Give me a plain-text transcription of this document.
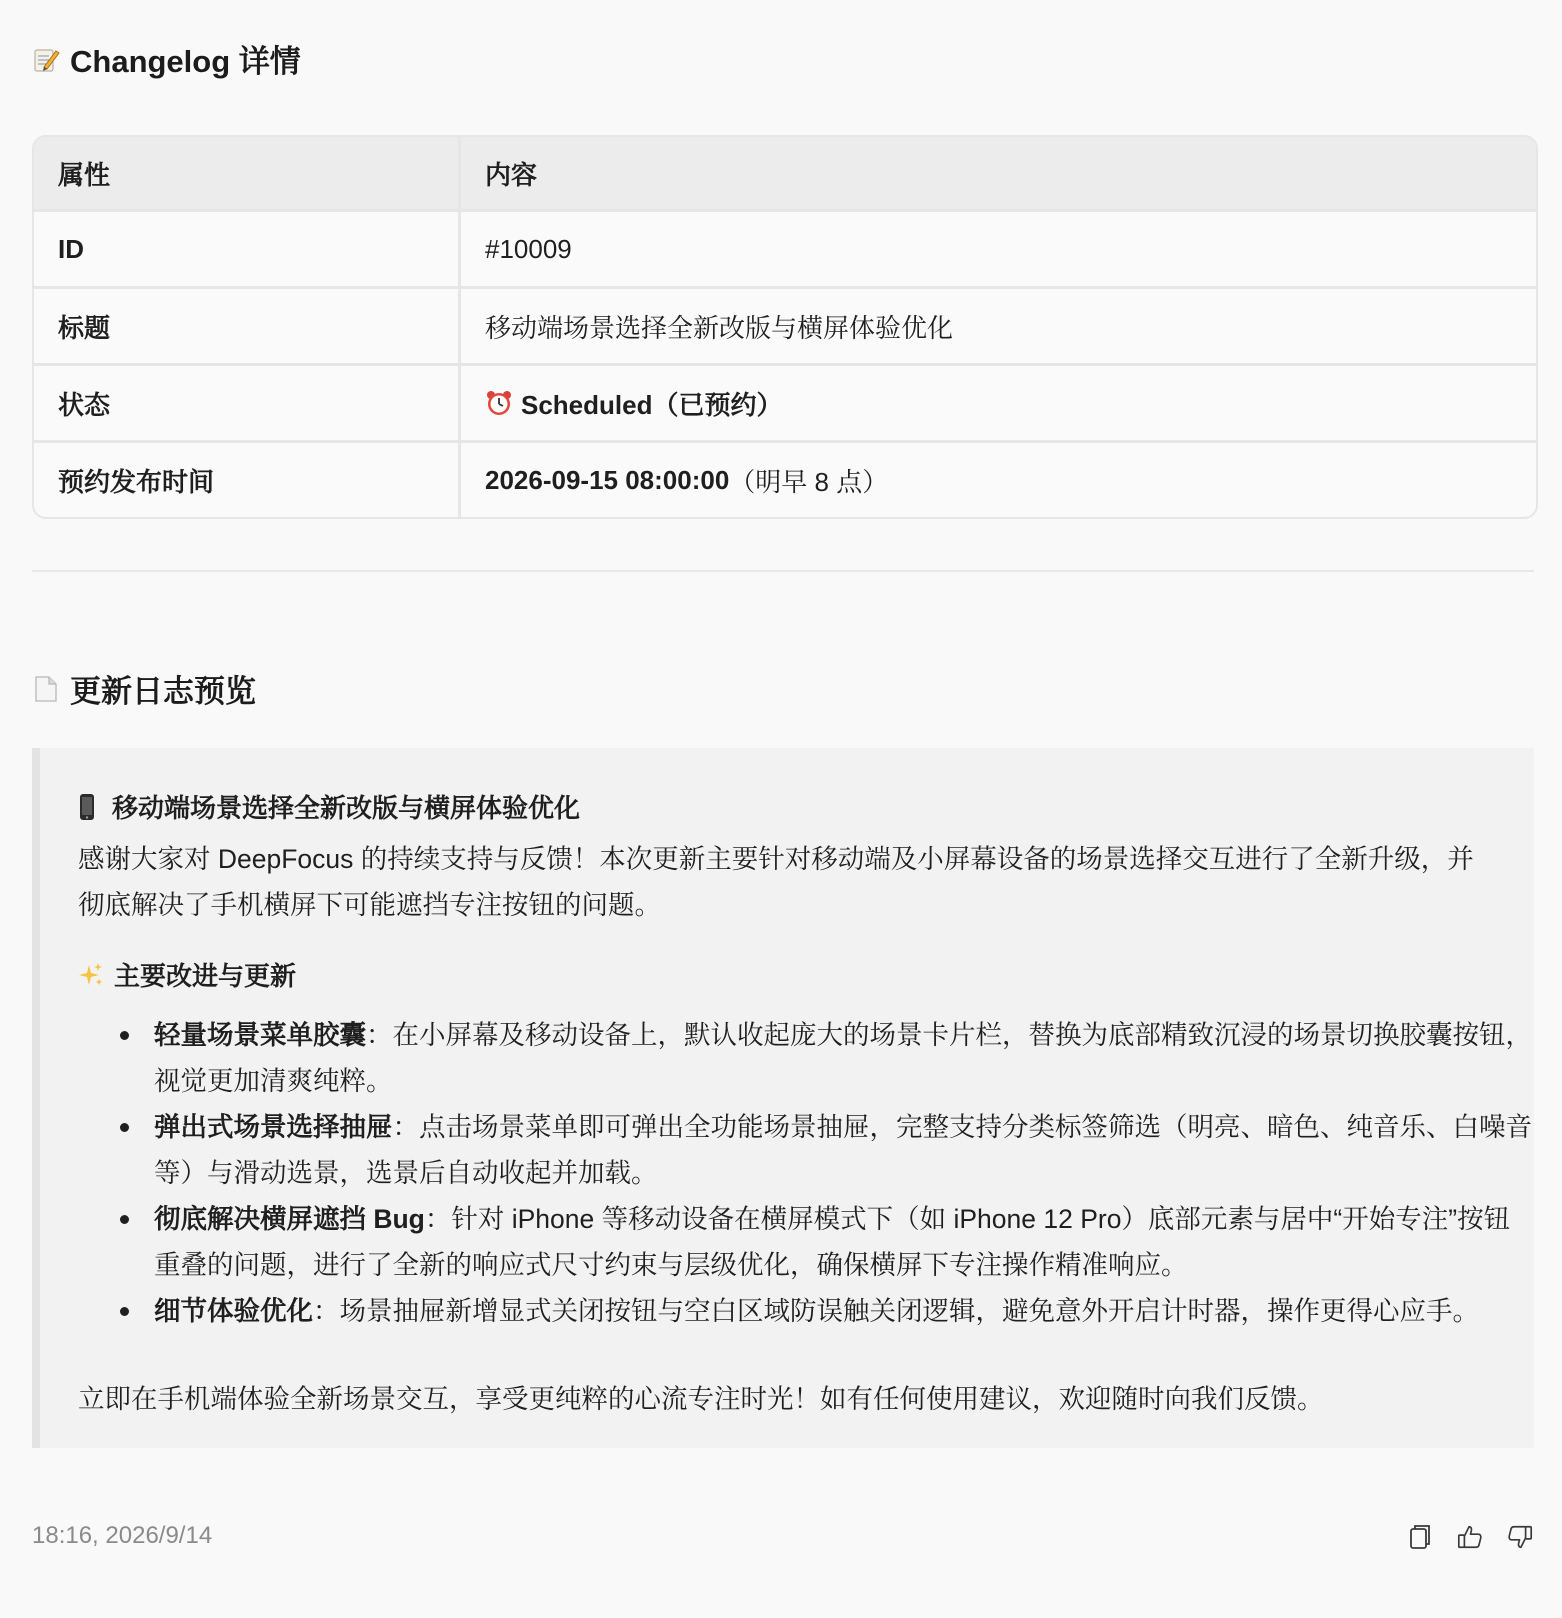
Changelog 详情
属性	内容
ID	#10009
标题	移动端场景选择全新改版与横屏体验优化
状态	Scheduled（已预约）
预约发布时间	2026-09-15 08:00:00 （明早 8 点）
更新日志预览
移动端场景选择全新改版与横屏体验优化
感谢大家对 DeepFocus 的持续支持与反馈！本次更新主要针对移动端及小屏幕设备的场景选择交互进行了全新升级，并彻底解决了手机横屏下可能遮挡专注按钮的问题。
主要改进与更新
轻量场景菜单胶囊：在小屏幕及移动设备上，默认收起庞大的场景卡片栏，替换为底部精致沉浸的场景切换胶囊按钮，视觉更加清爽纯粹。
弹出式场景选择抽屉：点击场景菜单即可弹出全功能场景抽屉，完整支持分类标签筛选（明亮、暗色、纯音乐、白噪音等）与滑动选景，选景后自动收起并加载。
彻底解决横屏遮挡 Bug：针对 iPhone 等移动设备在横屏模式下（如 iPhone 12 Pro）底部元素与居中“开始专注”按钮重叠的问题，进行了全新的响应式尺寸约束与层级优化，确保横屏下专注操作精准响应。
细节体验优化：场景抽屉新增显式关闭按钮与空白区域防误触关闭逻辑，避免意外开启计时器，操作更得心应手。
立即在手机端体验全新场景交互，享受更纯粹的心流专注时光！如有任何使用建议，欢迎随时向我们反馈。
18:16, 2026/9/14
